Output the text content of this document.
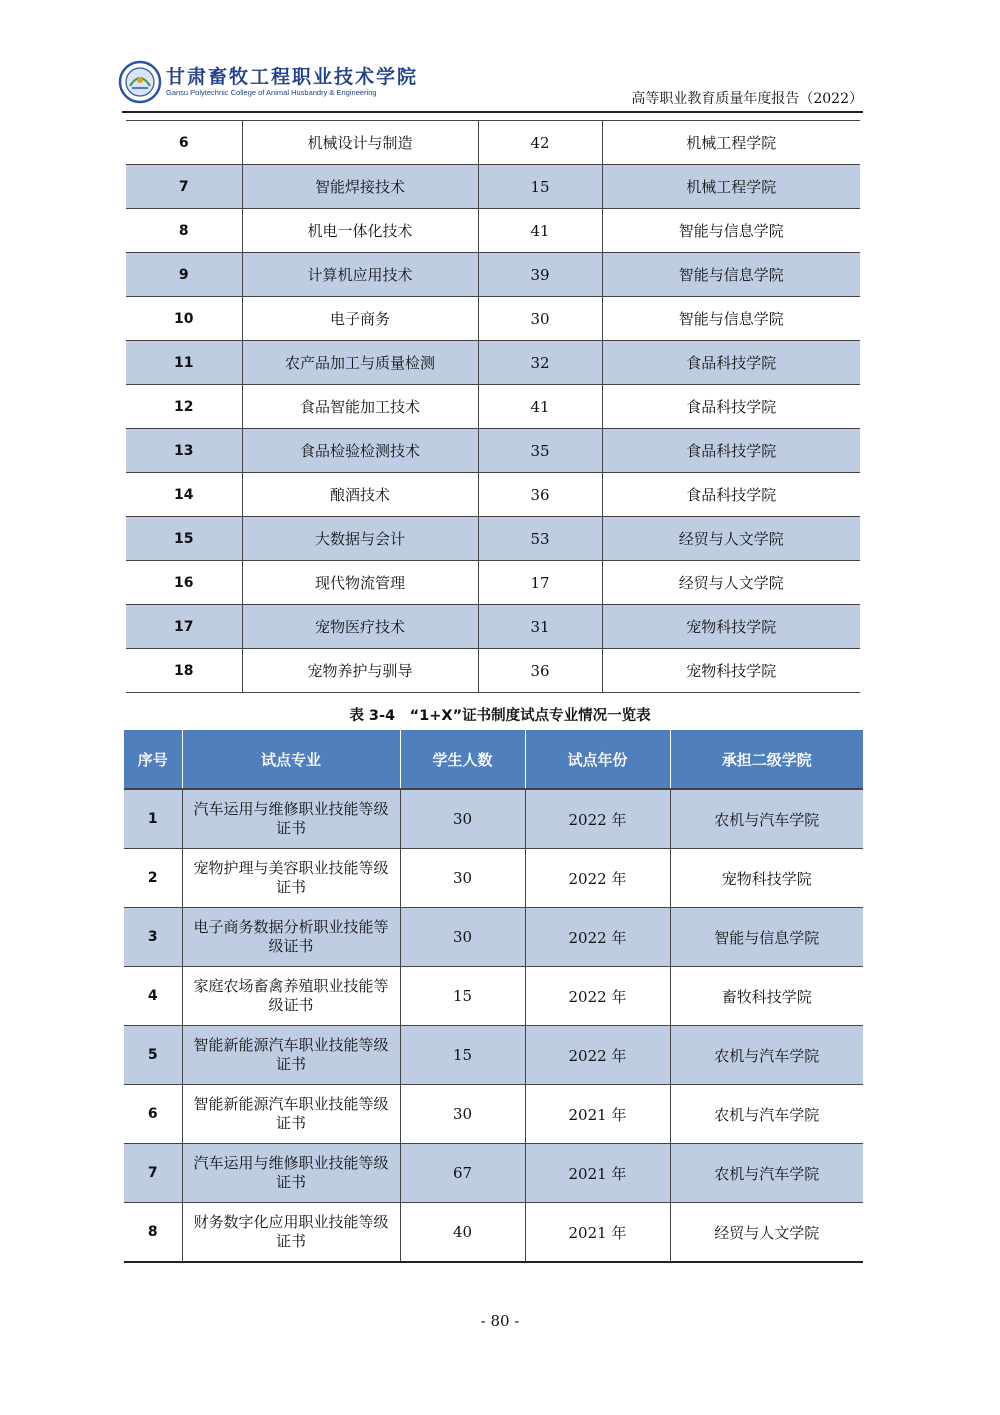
甘肃畜牧工程职业技术学院
Gansu Polytechnic College of Animal Husbandry & Engineering	高等职业教育质量年度报告（2022）
6	机械设计与制造	42	机械工程学院
7	智能焊接技术	15	机械工程学院
8	机电一体化技术	41	智能与信息学院
9	计算机应用技术	39	智能与信息学院
10	电子商务	30	智能与信息学院
11	农产品加工与质量检测	32	食品科技学院
12	食品智能加工技术	41	食品科技学院
13	食品检验检测技术	35	食品科技学院
14	酿酒技术	36	食品科技学院
15	大数据与会计	53	经贸与人文学院
16	现代物流管理	17	经贸与人文学院
17	宠物医疗技术	31	宠物科技学院
18	宠物养护与驯导	36	宠物科技学院
表 3-4　“1+X”证书制度试点专业情况一览表
序号	试点专业	学生人数	试点年份	承担二级学院
1	汽车运用与维修职业技能等级证书	30	2022 年	农机与汽车学院
2	宠物护理与美容职业技能等级证书	30	2022 年	宠物科技学院
3	电子商务数据分析职业技能等级证书	30	2022 年	智能与信息学院
4	家庭农场畜禽养殖职业技能等级证书	15	2022 年	畜牧科技学院
5	智能新能源汽车职业技能等级证书	15	2022 年	农机与汽车学院
6	智能新能源汽车职业技能等级证书	30	2021 年	农机与汽车学院
7	汽车运用与维修职业技能等级证书	67	2021 年	农机与汽车学院
8	财务数字化应用职业技能等级证书	40	2021 年	经贸与人文学院
- 80 -
